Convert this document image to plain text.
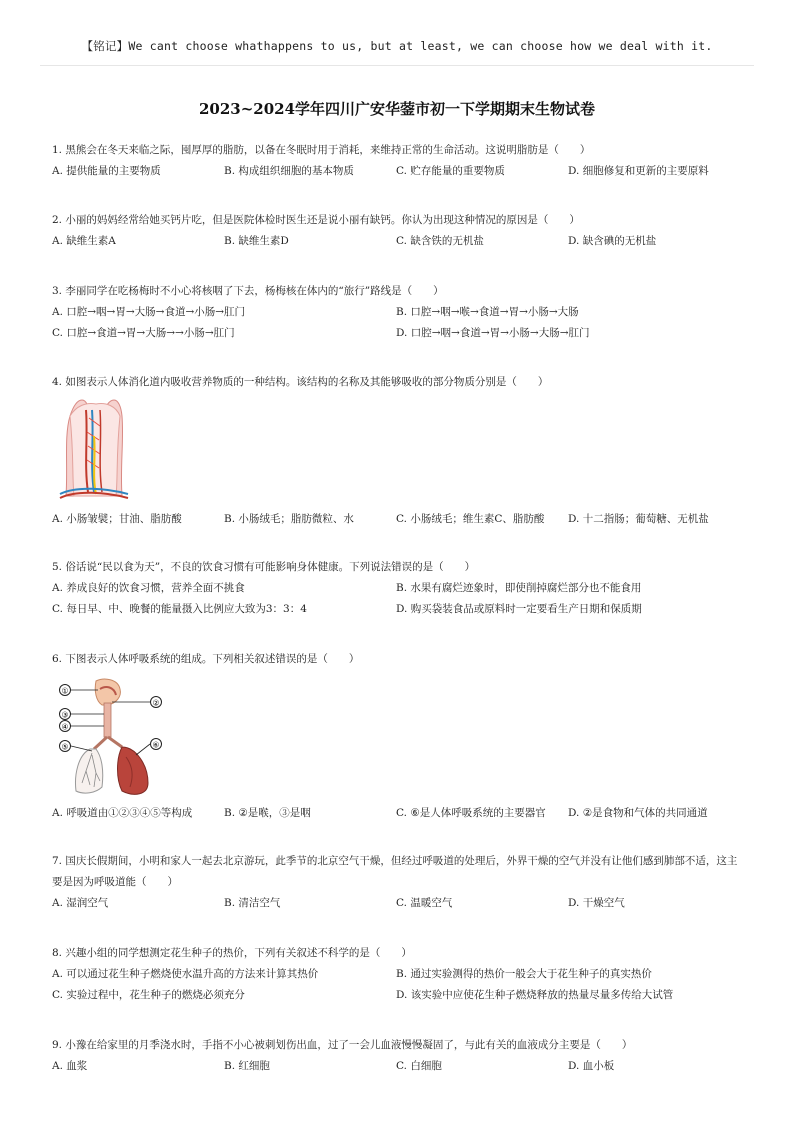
【铭记】We cant choose whathappens to us, but at least, we can choose how we deal with it.
2023~2024学年四川广安华蓥市初一下学期期末生物试卷
1. 黑熊会在冬天来临之际，囤厚厚的脂肪，以备在冬眠时用于消耗，来维持正常的生命活动。这说明脂肪是（　　）
A. 提供能量的主要物质	B. 构成组织细胞的基本物质	C. 贮存能量的重要物质	D. 细胞修复和更新的主要原料
2. 小丽的妈妈经常给她买钙片吃，但是医院体检时医生还是说小丽有缺钙。你认为出现这种情况的原因是（　　）
A. 缺维生素A	B. 缺维生素D	C. 缺含铁的无机盐	D. 缺含碘的无机盐
3. 李丽同学在吃杨梅时不小心将核咽了下去，杨梅核在体内的“旅行”路线是（　　）
A. 口腔→咽→胃→大肠→食道→小肠→肛门	B. 口腔→咽→喉→食道→胃→小肠→大肠
C. 口腔→食道→胃→大肠→→小肠→肛门	D. 口腔→咽→食道→胃→小肠→大肠→肛门
4. 如图表示人体消化道内吸收营养物质的一种结构。该结构的名称及其能够吸收的部分物质分别是（　　）
A. 小肠皱襞；甘油、脂肪酸	B. 小肠绒毛；脂肪微粒、水	C. 小肠绒毛；维生素C、脂肪酸 D. 十二指肠；葡萄糖、无机盐
5. 俗话说“民以食为天”，不良的饮食习惯有可能影响身体健康。下列说法错误的是（　　）
A. 养成良好的饮食习惯，营养全面不挑食	B. 水果有腐烂迹象时，即使削掉腐烂部分也不能食用
C. 每日早、中、晚餐的能量摄入比例应大致为3：3：4	D. 购买袋装食品或原料时一定要看生产日期和保质期
6. 下图表示人体呼吸系统的组成。下列相关叙述错误的是（　　）
①
②
③
④
⑤	⑥
A. 呼吸道由①②③④⑤等构成	B. ②是喉，③是咽	C. ⑥是人体呼吸系统的主要器官 D. ②是食物和气体的共同通道
7. 国庆长假期间，小明和家人一起去北京游玩，此季节的北京空气干燥，但经过呼吸道的处理后，外界干燥的空气并没有让他们感到肺部不适，这主要是因为呼吸道能（　　）
A. 湿润空气	B. 清洁空气	C. 温暖空气	D. 干燥空气
8. 兴趣小组的同学想测定花生种子的热价，下列有关叙述不科学的是（　　）
A. 可以通过花生种子燃烧使水温升高的方法来计算其热价	B. 通过实验测得的热价一般会大于花生种子的真实热价
C. 实验过程中，花生种子的燃烧必须充分	D. 该实验中应使花生种子燃烧释放的热量尽量多传给大试管
9. 小豫在给家里的月季浇水时，手指不小心被刺划伤出血，过了一会儿血液慢慢凝固了，与此有关的血液成分主要是（　　）
A. 血浆	B. 红细胞	C. 白细胞	D. 血小板
